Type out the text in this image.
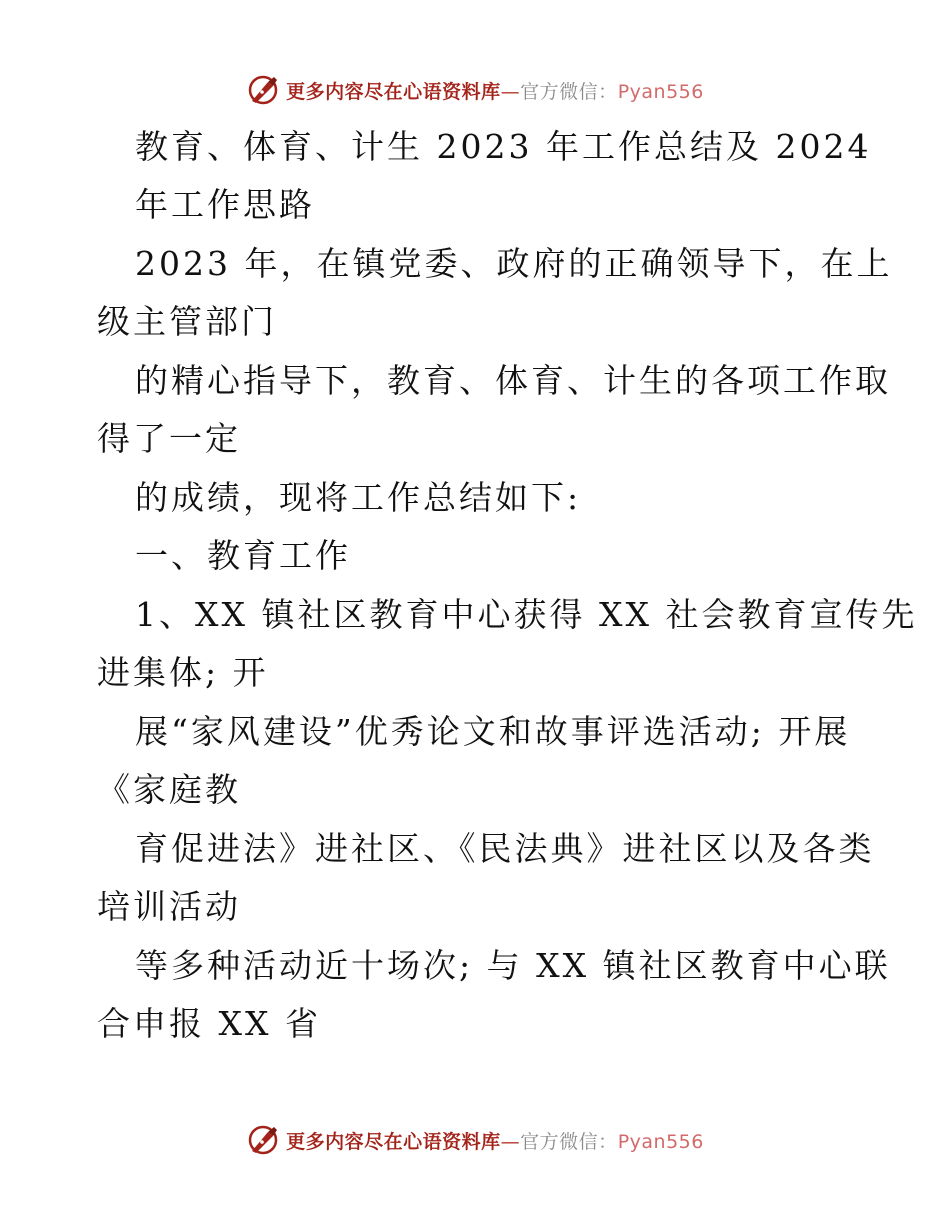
更多内容尽在心语资料库—官方微信：Pyan556
教育、体育、计生 2023 年工作总结及 2024
年工作思路
2023 年，在镇党委、政府的正确领导下，在上
级主管部门
的精心指导下，教育、体育、计生的各项工作取
得了一定
的成绩，现将工作总结如下:
一、教育工作
1、XX 镇社区教育中心获得 XX 社会教育宣传先
进集体; 开
展“家风建设”优秀论文和故事评选活动; 开展
《家庭教
育促进法》进社区、《民法典》进社区以及各类
培训活动
等多种活动近十场次; 与 XX 镇社区教育中心联
合申报 XX 省
更多内容尽在心语资料库—官方微信：Pyan556
